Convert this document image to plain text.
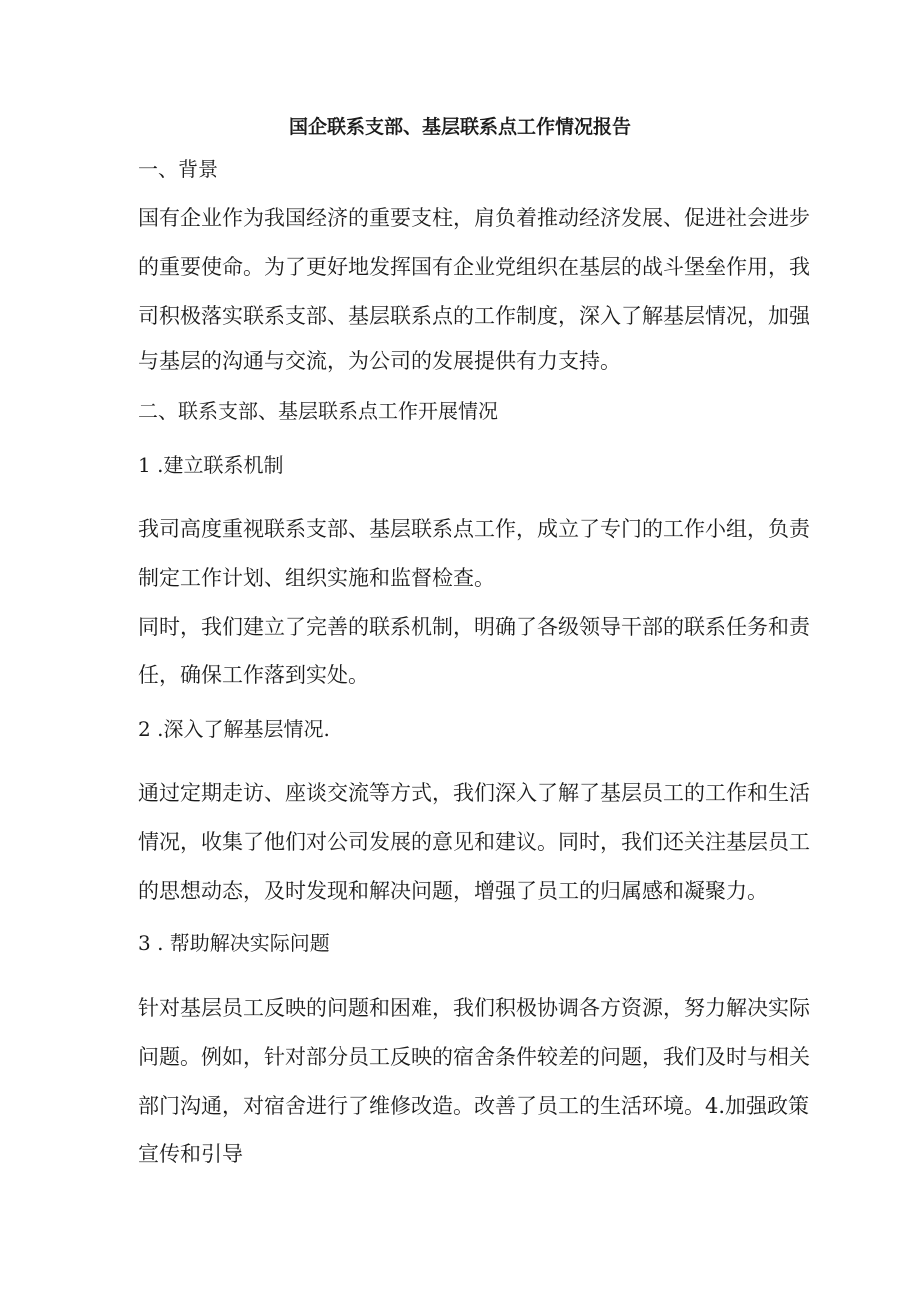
国企联系支部、基层联系点工作情况报告

一、背景

国有企业作为我国经济的重要支柱，肩负着推动经济发展、促进社会进步

的重要使命。为了更好地发挥国有企业党组织在基层的战斗堡垒作用，我

司积极落实联系支部、基层联系点的工作制度，深入了解基层情况，加强

与基层的沟通与交流，为公司的发展提供有力支持。

二、联系支部、基层联系点工作开展情况

1 .建立联系机制

我司高度重视联系支部、基层联系点工作，成立了专门的工作小组，负责

制定工作计划、组织实施和监督检查。

同时，我们建立了完善的联系机制，明确了各级领导干部的联系任务和责

任，确保工作落到实处。

2 .深入了解基层情况.

通过定期走访、座谈交流等方式，我们深入了解了基层员工的工作和生活

情况，收集了他们对公司发展的意见和建议。同时，我们还关注基层员工

的思想动态，及时发现和解决问题，增强了员工的归属感和凝聚力。

3 . 帮助解决实际问题

针对基层员工反映的问题和困难，我们积极协调各方资源，努力解决实际

问题。例如，针对部分员工反映的宿舍条件较差的问题，我们及时与相关

部门沟通，对宿舍进行了维修改造。改善了员工的生活环境。4.加强政策

宣传和引导
